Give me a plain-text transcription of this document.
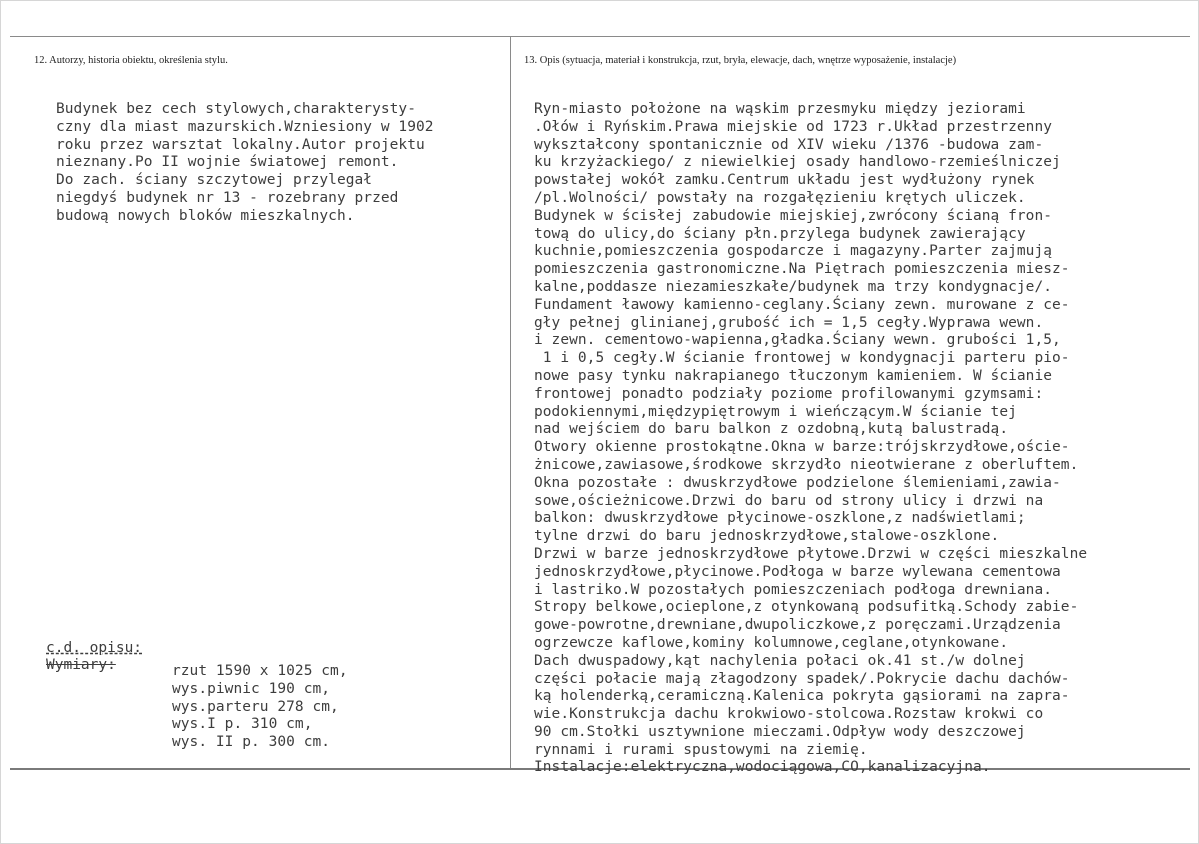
12. Autorzy, historia obiektu, określenia stylu.	13. Opis (sytuacja, materiał i konstrukcja, rzut, bryła, elewacje, dach, wnętrze wyposażenie, instalacje)
Budynek bez cech stylowych,charakterysty-
czny dla miast mazurskich.Wzniesiony w 1902
roku przez warsztat lokalny.Autor projektu
nieznany.Po II wojnie światowej remont.
Do zach. ściany szczytowej przylegał
niegdyś budynek nr 13 - rozebrany przed
budową nowych bloków mieszkalnych.
c.d. opisu:
Wymiary:	rzut 1590 x 1025 cm,
wys.piwnic 190 cm,
wys.parteru 278 cm,
wys.I p. 310 cm,
wys. II p. 300 cm.
Ryn-miasto położone na wąskim przesmyku między jeziorami
.Ołów i Ryńskim.Prawa miejskie od 1723 r.Układ przestrzenny
wykształcony spontanicznie od XIV wieku /1376 -budowa zam-
ku krzyżackiego/ z niewielkiej osady handlowo-rzemieślniczej
powstałej wokół zamku.Centrum układu jest wydłużony rynek
/pl.Wolności/ powstały na rozgałęzieniu krętych uliczek.
Budynek w ścisłej zabudowie miejskiej,zwrócony ścianą fron-
tową do ulicy,do ściany płn.przylega budynek zawierający
kuchnie,pomieszczenia gospodarcze i magazyny.Parter zajmują
pomieszczenia gastronomiczne.Na Piętrach pomieszczenia miesz-
kalne,poddasze niezamieszkałe/budynek ma trzy kondygnacje/.
Fundament ławowy kamienno-ceglany.Ściany zewn. murowane z ce-
gły pełnej glinianej,grubość ich = 1,5 cegły.Wyprawa wewn.
i zewn. cementowo-wapienna,gładka.Ściany wewn. grubości 1,5,
1 i 0,5 cegły.W ścianie frontowej w kondygnacji parteru pio-
nowe pasy tynku nakrapianego tłuczonym kamieniem. W ścianie
frontowej ponadto podziały poziome profilowanymi gzymsami:
podokiennymi,międzypiętrowym i wieńczącym.W ścianie tej
nad wejściem do baru balkon z ozdobną,kutą balustradą.
Otwory okienne prostokątne.Okna w barze:trójskrzydłowe,oście-
żnicowe,zawiasowe,środkowe skrzydło nieotwierane z oberluftem.
Okna pozostałe : dwuskrzydłowe podzielone ślemieniami,zawia-
sowe,ościeżnicowe.Drzwi do baru od strony ulicy i drzwi na
balkon: dwuskrzydłowe płycinowe-oszklone,z nadświetlami;
tylne drzwi do baru jednoskrzydłowe,stalowe-oszklone.
Drzwi w barze jednoskrzydłowe płytowe.Drzwi w części mieszkalne
jednoskrzydłowe,płycinowe.Podłoga w barze wylewana cementowa
i lastriko.W pozostałych pomieszczeniach podłoga drewniana.
Stropy belkowe,ocieplone,z otynkowaną podsufitką.Schody zabie-
gowe-powrotne,drewniane,dwupoliczkowe,z poręczami.Urządzenia
ogrzewcze kaflowe,kominy kolumnowe,ceglane,otynkowane.
Dach dwuspadowy,kąt nachylenia połaci ok.41 st./w dolnej
części połacie mają złagodzony spadek/.Pokrycie dachu dachów-
ką holenderką,ceramiczną.Kalenica pokryta gąsiorami na zapra-
wie.Konstrukcja dachu krokwiowo-stolcowa.Rozstaw krokwi co
90 cm.Stołki usztywnione mieczami.Odpływ wody deszczowej
rynnami i rurami spustowymi na ziemię.
Instalacje:elektryczna,wodociągowa,CO,kanalizacyjna.
